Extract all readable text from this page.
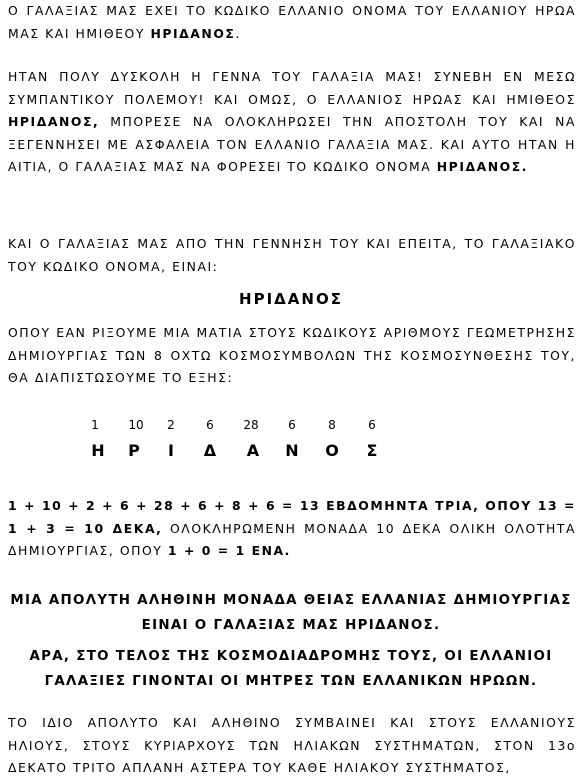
Ο ΓΑΛΑΞΙΑΣ ΜΑΣ ΕΧΕΙ ΤΟ ΚΩΔΙΚΟ ΕΛΛΑΝΙΟ ΟΝΟΜΑ ΤΟΥ ΕΛΛΑΝΙΟΥ ΗΡΩΑ ΜΑΣ ΚΑΙ ΗΜΙΘΕΟΥ ΗΡΙΔΑΝΟΣ.

ΗΤΑΝ ΠΟΛΥ ΔΥΣΚΟΛΗ Η ΓΕΝΝΑ ΤΟΥ ΓΑΛΑΞΙΑ ΜΑΣ! ΣΥΝΕΒΗ ΕΝ ΜΕΣΩ ΣΥΜΠΑΝΤΙΚΟΥ ΠΟΛΕΜΟΥ! ΚΑΙ ΟΜΩΣ, Ο ΕΛΛΑΝΙΟΣ ΗΡΩΑΣ ΚΑΙ ΗΜΙΘΕΟΣ ΗΡΙΔΑΝΟΣ, ΜΠΟΡΕΣΕ ΝΑ ΟΛΟΚΛΗΡΩΣΕΙ ΤΗΝ ΑΠΟΣΤΟΛΗ ΤΟΥ ΚΑΙ ΝΑ ΞΕΓΕΝΝΗΣΕΙ ΜΕ ΑΣΦΑΛΕΙΑ ΤΟΝ ΕΛΛΑΝΙΟ ΓΑΛΑΞΙΑ ΜΑΣ. ΚΑΙ ΑΥΤΟ ΗΤΑΝ Η ΑΙΤΙΑ, Ο ΓΑΛΑΞΙΑΣ ΜΑΣ ΝΑ ΦΟΡΕΣΕΙ ΤΟ ΚΩΔΙΚΟ ΟΝΟΜΑ ΗΡΙΔΑΝΟΣ.

ΚΑΙ Ο ΓΑΛΑΞΙΑΣ ΜΑΣ ΑΠΟ ΤΗΝ ΓΕΝΝΗΣΗ ΤΟΥ ΚΑΙ ΕΠΕΙΤΑ, ΤΟ ΓΑΛΑΞΙΑΚΟ ΤΟΥ ΚΩΔΙΚΟ ΟΝΟΜΑ, ΕΙΝΑΙ:

ΗΡΙΔΑΝΟΣ

ΟΠΟΥ ΕΑΝ ΡΙΞΟΥΜΕ ΜΙΑ ΜΑΤΙΑ ΣΤΟΥΣ ΚΩΔΙΚΟΥΣ ΑΡΙΘΜΟΥΣ ΓΕΩΜΕΤΡΗΣΗΣ ΔΗΜΙΟΥΡΓΙΑΣ ΤΩΝ 8 ΟΧΤΩ ΚΟΣΜΟΣΥΜΒΟΛΩΝ ΤΗΣ ΚΟΣΜΟΣΥΝΘΕΣΗΣ ΤΟΥ, ΘΑ ΔΙΑΠΙΣΤΩΣΟΥΜΕ ΤΟ ΕΞΗΣ:

1	10	2	6	28	6	8	6
Η	Ρ	Ι	Δ	Α	Ν	Ο	Σ

1 + 10 + 2 + 6 + 28 + 6 + 8 + 6 = 13 ΕΒΔΟΜΗΝΤΑ ΤΡΙΑ, ΟΠΟΥ 13 = 1 + 3 = 10 ΔΕΚΑ, ΟΛΟΚΛΗΡΩΜΕΝΗ ΜΟΝΑΔΑ 10 ΔΕΚΑ ΟΛΙΚΗ ΟΛΟΤΗΤΑ ΔΗΜΙΟΥΡΓΙΑΣ, ΟΠΟΥ 1 + 0 = 1 ΕΝΑ.

ΜΙΑ ΑΠΟΛΥΤΗ ΑΛΗΘΙΝΗ ΜΟΝΑΔΑ ΘΕΙΑΣ ΕΛΛΑΝΙΑΣ ΔΗΜΙΟΥΡΓΙΑΣ ΕΙΝΑΙ Ο ΓΑΛΑΞΙΑΣ ΜΑΣ ΗΡΙΔΑΝΟΣ.

ΑΡΑ, ΣΤΟ ΤΕΛΟΣ ΤΗΣ ΚΟΣΜΟΔΙΑΔΡΟΜΗΣ ΤΟΥΣ, ΟΙ ΕΛΛΑΝΙΟΙ ΓΑΛΑΞΙΕΣ ΓΙΝΟΝΤΑΙ ΟΙ ΜΗΤΡΕΣ ΤΩΝ ΕΛΛΑΝΙΚΩΝ ΗΡΩΩΝ.

ΤΟ ΙΔΙΟ ΑΠΟΛΥΤΟ ΚΑΙ ΑΛΗΘΙΝΟ ΣΥΜΒΑΙΝΕΙ ΚΑΙ ΣΤΟΥΣ ΕΛΛΑΝΙΟΥΣ ΗΛΙΟΥΣ, ΣΤΟΥΣ ΚΥΡΙΑΡΧΟΥΣ ΤΩΝ ΗΛΙΑΚΩΝ ΣΥΣΤΗΜΑΤΩΝ, ΣΤΟΝ 13ο ΔΕΚΑΤΟ ΤΡΙΤΟ ΑΠΛΑΝΗ ΑΣΤΕΡΑ ΤΟΥ ΚΑΘΕ ΗΛΙΑΚΟΥ ΣΥΣΤΗΜΑΤΟΣ,
